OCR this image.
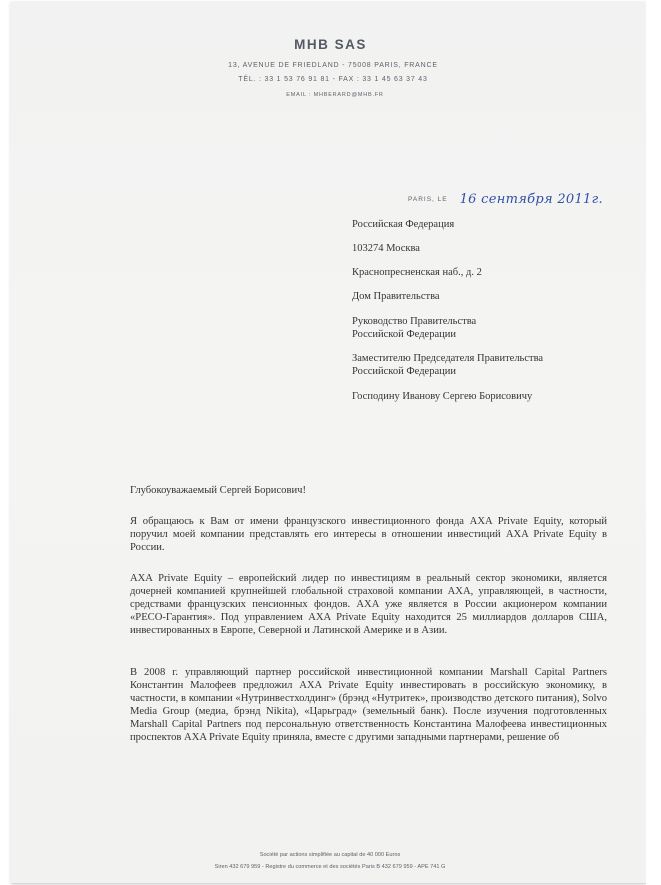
MHB SAS
13, AVENUE DE FRIEDLAND - 75008 PARIS, FRANCE
TÉL. : 33 1 53 76 91 81 - FAX : 33 1 45 63 37 43
EMAIL : MHBERARD@MHB.FR
PARIS, LE 16 сентября 2011г.
Российская Федерация
103274 Москва
Краснопресненская наб., д. 2
Дом Правительства
Руководство Правительства Российской Федерации
Заместителю Председателя Правительства Российской Федерации
Господину Иванову Сергею Борисовичу

Глубокоуважаемый Сергей Борисович!

Я обращаюсь к Вам от имени французского инвестиционного фонда AXA Private Equity, который поручил моей компании представлять его интересы в отношении инвестиций AXA Private Equity в России.

AXA Private Equity – европейский лидер по инвестициям в реальный сектор экономики, является дочерней компанией крупнейшей глобальной страховой компании AXA, управляющей, в частности, средствами французских пенсионных фондов. AXA уже является в России акционером компании «РЕСО-Гарантия». Под управлением AXA Private Equity находится 25 миллиардов долларов США, инвестированных в Европе, Северной и Латинской Америке и в Азии.

В 2008 г. управляющий партнер российской инвестиционной компании Marshall Capital Partners Константин Малофеев предложил AXA Private Equity инвестировать в российскую экономику, в частности, в компании «Нутринвестхолдинг» (брэнд «Нутритек», производство детского питания), Solvo Media Group (медиа, брэнд Nikita), «Царьград» (земельный банк). После изучения подготовленных Marshall Capital Partners под персональную ответственность Константина Малофеева инвестиционных проспектов AXA Private Equity приняла, вместе с другими западными партнерами, решение об

Société par actions simplifiée au capital de 40 000 Euros
Siren 432 679 959 - Registre du commerce et des sociétés Paris B 432 679 959 - APE 741 G
